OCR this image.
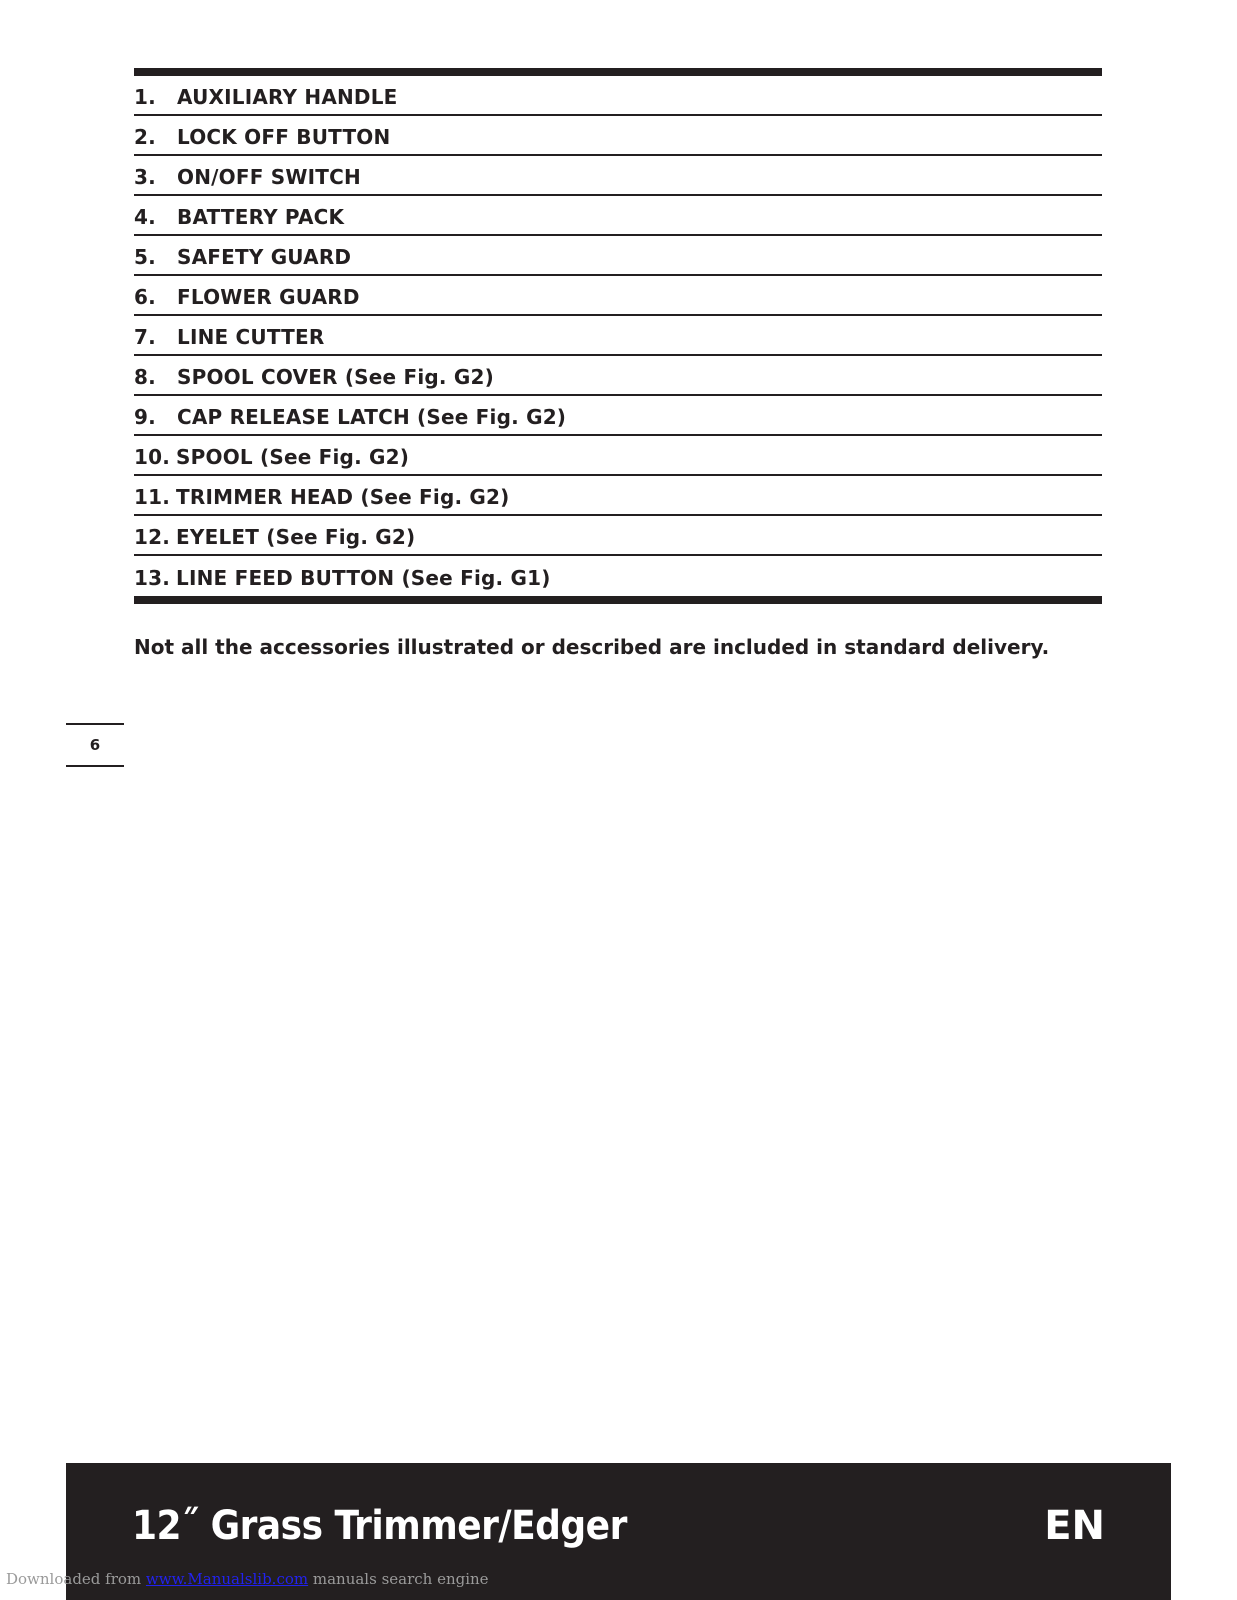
1.	AUXILIARY HANDLE
2.	LOCK OFF BUTTON
3.	ON/OFF SWITCH
4.	BATTERY PACK
5.	SAFETY GUARD
6.	FLOWER GUARD
7.	LINE CUTTER
8.	SPOOL COVER (See Fig. G2)
9.	CAP RELEASE LATCH (See Fig. G2)
10. SPOOL (See Fig. G2)
11. TRIMMER HEAD (See Fig. G2)
12. EYELET (See Fig. G2)
13. LINE FEED BUTTON (See Fig. G1)
Not all the accessories illustrated or described are included in standard delivery.
6
12˝ Grass Trimmer/Edger	EN
Downloaded from www.Manualslib.com manuals search engine
